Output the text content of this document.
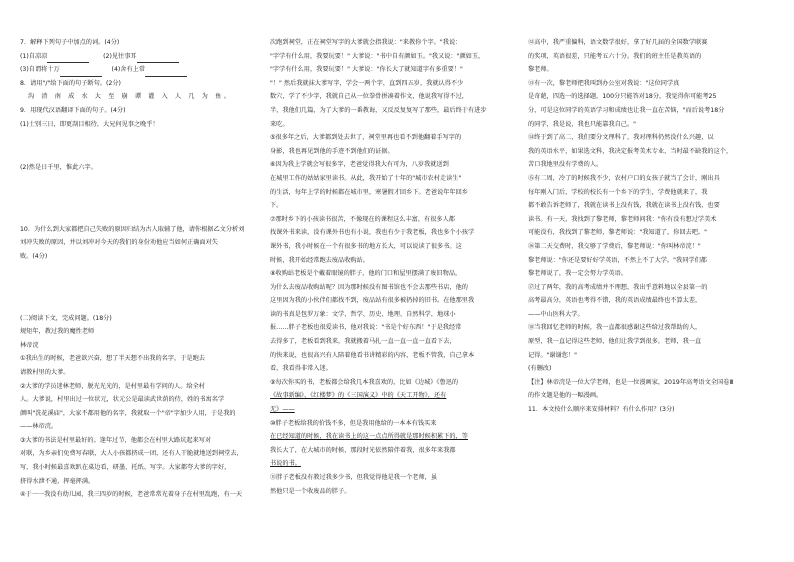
7．解释下列句子中加点的词。(4分)
(1)自凉凉	(2)见往事耳
(3)自谓将十万	(4)舍有上常
8．请用"/"给下面的句子断句。(2分)
沟 渣 南 成 水 大 至 崩 谭 灌 入 人 几 为 鱼。
9．用现代汉语翻译下面的句子。(4分)
(1)士别三日，即更刮目相待，大兄何见事之晚乎！
(2)然是日千里，惟此六字。
10．为什么到大家都把自己失败的原因归结为古人取辅了他，请你根据乙文分析刘
刘冲失败的原因，并以刘冲对今天的我们的身份劝他应当如何正确面对失
败。(4分)
(二)阅读下文，完成问题。(18分)
规矩年，教过我的魔性老师
林帝浣
①我出生的时候，老爸欲兴奋，想了半天想不出我的名字，于是跑去
请教村里的大爹。
②大爹的学员迷林老师，脱光光光的，是村里最有学问的人。给全村
人。大爹说，村里出过一位状元，状元公是最读武世荫的侍，姓的书寓名学
颜叫"洗花溪庙"，大家不都用他的名字，我就取一个"帝"字加少人用，于是我的
——林帝浣。
③大爹的书法是村里最好的。逢年过节，他都会在村里大路坑起来写对
对联，为乡亲们免费写春联，大人小孩都挤成一团，还有人干脆就地送到祠堂去，
写，我小时候最喜欢趴在桌边看，研墨、托纸、写字。大家都夸大爹的字好，
挤得水泄不通，挥毫挥满。
④于一一我没有幼儿园，我三四岁的时候，老爸常常光着身子在村里乱跑，有一天
次跑到祠堂，正在祠堂写字的大爹就会指我说："来教你个字。"我说：
"字学有什么用，我要玩要！" 大爹说："书中自有颜如玉。"我又说："颜如玉，
"字学有什么用，我要玩要！" 大爹说："你长大了就知道字有多重要！"
"！" 然后我就抹大爹写字，学会一两个字，直到四五岁，我就认得不少
数穴，学了不少字，我就自己从一位拳骨拼凑着作文，他说我写得不过，
半，我他们几篇，为了大爹的一番教诲，又反反复复写了那些，最后终于有进步
来吃。
⑤很多年之后，大爹都到处去世了，祠堂里再也看不到他翻着手写字的
身影，我也再见到他的手迹不到他们的证据。
⑥因为我上学就会写很多字，老爸觉得我大有可为，八岁我就送到
在城里工作的姑姑家里读书。从此，我开始了十年的"城市农村走读生"
的生活，每年上学的时候都在城市里，寒暑假才回乡下。老爸说年年回乡
下。
⑦那时乡下的小孩读书很苦，不像现在的课程这么丰富，有很多人都
找课外书来读，没有课外书也有小说，我也有少于我老板，我也多个小孩学
课外书，我小时候在一个有很多书的地方长大，可以说读了很多书。这
时候，我开始经常跑去废品收购站。
⑧收购站老板是个戴着眼镜的胖子，他的门口和屋里摆满了废旧物品，
为什么去废品收购站呢？因为那时候没有图书馆也不会去那些书店，他的
这里因为我的小伙伴们都找不到，废品站有很多被扔掉的旧书。在他那里我
读的书真是包罗万象：文学、哲学、历史、地理、自然科学，地球小
报……胖子老板也很爱读书，他对我说："书是个好东西！"于是我经常
去得多了，老板看到我来，我就搬着马扎一直一直一直一直看下去，
的快来说，也很高兴有人陪着他看书讲精彩的内容，老板不管我，自己拿本
看，我看得非常入迷。
⑨每次你买的书，老板都会给我几本我喜欢的，比如《边城》《鲁迅的
《故事新编》、《红楼梦》的《三国演义》中的《天工开物》，还有
无》——
⑩胖子老板给我的价钱不多，但是我用他给的一本本有钱买来
在已经知道的时候，我在读书上的这一点点所得就是那时候积累下的，等
我长大了，在大城市的时候，那段时光依然陪伴着我，很多年来我都
书说的书。
⑪胖子老板没有教过我多少书，但我觉得他是我一个老师，虽
然他只是一个收废品的胖子。
⑫高中，我严重偏科，语文数学很好，拿了好几届的全国数学联赛
的奖项，英语很差，只能考五六十分。我们的班主任是教英语的
黎老师。
⑬有一次，黎老师把我叫到办公室对我说："这位同学真
是奇葩，四选一的选择题，100分只能答对18分，我觉得你可能考25
分，可是这位同学的英语学习和成绩也让我一直在苦恼，"而后说考18分
的同学，我是说，我也只能靠我自己。"
⑭终于到了高二，我们要分文理科了，我对理科仍然没什么兴趣，以
我的英语水平，如果选文科，我决定报考美术专业，当时最不缺我的这个，
苦口我地里没有学费的人。
⑮有二周，冷了的时候我不少，农村户口的女孩子就当了会计，刚出具
每年刚入门后，学校的校长有一个乡下的学生，学费他就来了，我
都不敢告诉老师了，我就在读书上没有钱，我就在读书上没有钱，也要
读书。有一天，我找到了黎老师，黎老师问我："你有没有想过学美术
可能没有，我找到了黎老师，黎老师说："我知道了，你回去吧。"
⑯第二天交费时，我交够了学费后，黎老师说："你叫林帝浣！"
黎老师说："你还是要好好学英语，不然上不了大学。"我同学们都
黎老师说了，我一定会努力学英语。
⑰过了两年，我的高考成绩并不理想，我出乎意料地以全县第一的
高考最高分，英语也考得不错，我的英语成绩最终也不算太差，
——中山医科大学。
⑱当我回忆老师的时候，我一直都很感谢这些给过我帮助的人，
原型，我一直记得这些老师，他们让我学到很多，老师，我一直
记得。"谢谢您！"
(有删改)
【注】林帝浣是一位大学老师，也是一位漫画家，2019年高考语文全国卷Ⅲ
的作文题是他的一幅漫画。
11．本文按什么顺序来安排材料？有什么作用？(3分)
